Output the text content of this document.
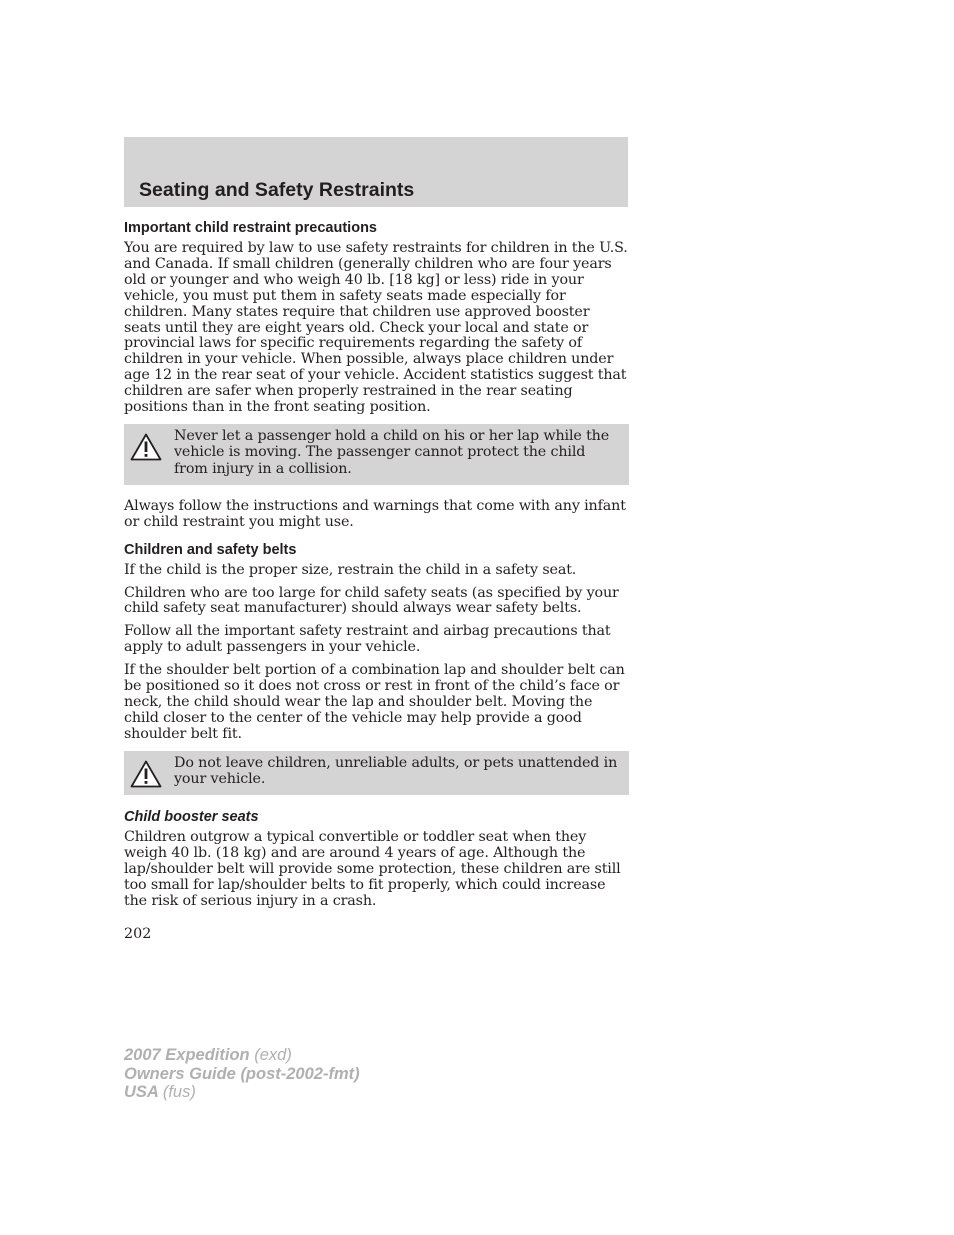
Seating and Safety Restraints
Important child restraint precautions

You are required by law to use safety restraints for children in the U.S. and Canada. If small children (generally children who are four years old or younger and who weigh 40 lb. [18 kg] or less) ride in your vehicle, you must put them in safety seats made especially for children. Many states require that children use approved booster seats until they are eight years old. Check your local and state or provincial laws for specific requirements regarding the safety of children in your vehicle. When possible, always place children under age 12 in the rear seat of your vehicle. Accident statistics suggest that children are safer when properly restrained in the rear seating positions than in the front seating position.

Never let a passenger hold a child on his or her lap while the vehicle is moving. The passenger cannot protect the child from injury in a collision.

Always follow the instructions and warnings that come with any infant or child restraint you might use.

Children and safety belts

If the child is the proper size, restrain the child in a safety seat.

Children who are too large for child safety seats (as specified by your child safety seat manufacturer) should always wear safety belts.

Follow all the important safety restraint and airbag precautions that apply to adult passengers in your vehicle.

If the shoulder belt portion of a combination lap and shoulder belt can be positioned so it does not cross or rest in front of the child’s face or neck, the child should wear the lap and shoulder belt. Moving the child closer to the center of the vehicle may help provide a good shoulder belt fit.

Do not leave children, unreliable adults, or pets unattended in your vehicle.

Child booster seats

Children outgrow a typical convertible or toddler seat when they weigh 40 lb. (18 kg) and are around 4 years of age. Although the lap/shoulder belt will provide some protection, these children are still too small for lap/shoulder belts to fit properly, which could increase the risk of serious injury in a crash.

202
2007 Expedition (exd)
Owners Guide (post-2002-fmt)
USA (fus)
